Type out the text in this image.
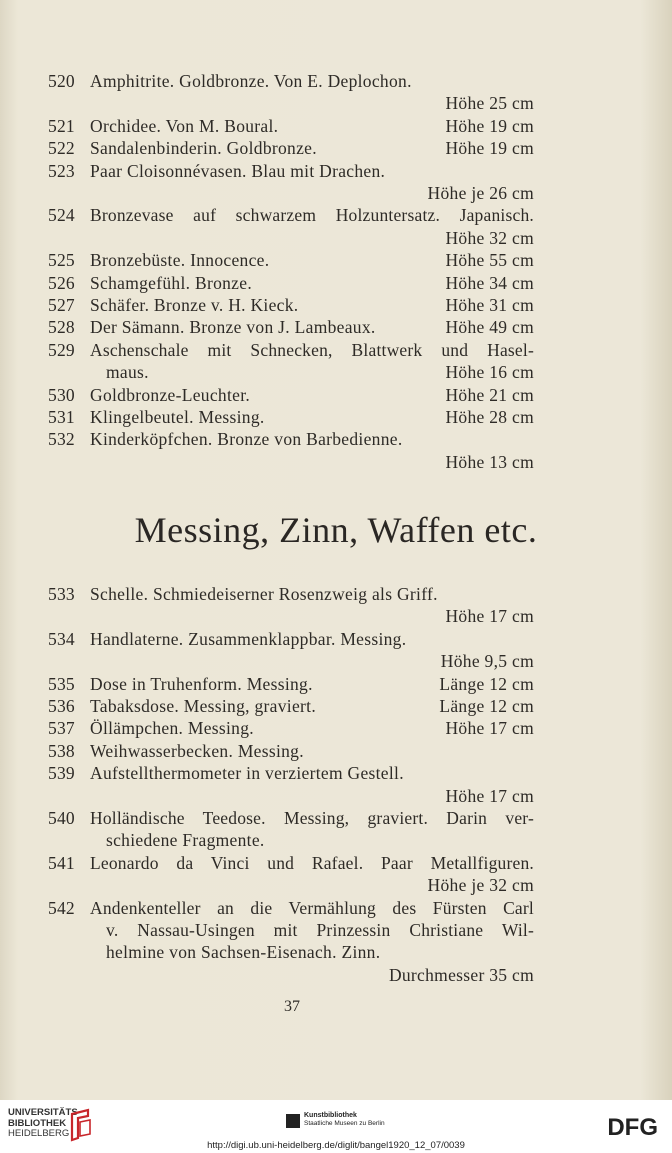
520 Amphitrite. Goldbronze. Von E. Deplochon.
Höhe 25 cm
521 Orchidee. Von M. Boural.	Höhe 19 cm
522 Sandalenbinderin. Goldbronze.	Höhe 19 cm
523 Paar Cloisonnévasen. Blau mit Drachen.
Höhe je 26 cm
524 Bronzevase auf schwarzem Holzuntersatz. Japanisch.
Höhe 32 cm
525 Bronzebüste. Innocence.	Höhe 55 cm
526 Schamgefühl. Bronze.	Höhe 34 cm
527 Schäfer. Bronze v. H. Kieck.	Höhe 31 cm
528 Der Sämann. Bronze von J. Lambeaux.	Höhe 49 cm
529 Aschenschale mit Schnecken, Blattwerk und Hasel-
maus.	Höhe 16 cm
530 Goldbronze-Leuchter.	Höhe 21 cm
531 Klingelbeutel. Messing.	Höhe 28 cm
532 Kinderköpfchen. Bronze von Barbedienne.
Höhe 13 cm
Messing, Zinn, Waffen etc.
533 Schelle. Schmiedeiserner Rosenzweig als Griff.
Höhe 17 cm
534 Handlaterne. Zusammenklappbar. Messing.
Höhe 9,5 cm
535 Dose in Truhenform. Messing.	Länge 12 cm
536 Tabaksdose. Messing, graviert.	Länge 12 cm
537 Öllämpchen. Messing.	Höhe 17 cm
538 Weihwasserbecken. Messing.
539 Aufstellthermometer in verziertem Gestell.
Höhe 17 cm
540 Holländische Teedose. Messing, graviert. Darin ver-
schiedene Fragmente.
541 Leonardo da Vinci und Rafael. Paar Metallfiguren.
Höhe je 32 cm
542 Andenkenteller an die Vermählung des Fürsten Carl
v. Nassau-Usingen mit Prinzessin Christiane Wil-
helmine von Sachsen-Eisenach. Zinn.
Durchmesser 35 cm
37
UNIVERSITÄTS-
BIBLIOTHEK
HEIDELBERG
Kunstbibliothek
Staatliche Museen zu Berlin	DFG
http://digi.ub.uni-heidelberg.de/diglit/bangel1920_12_07/0039
